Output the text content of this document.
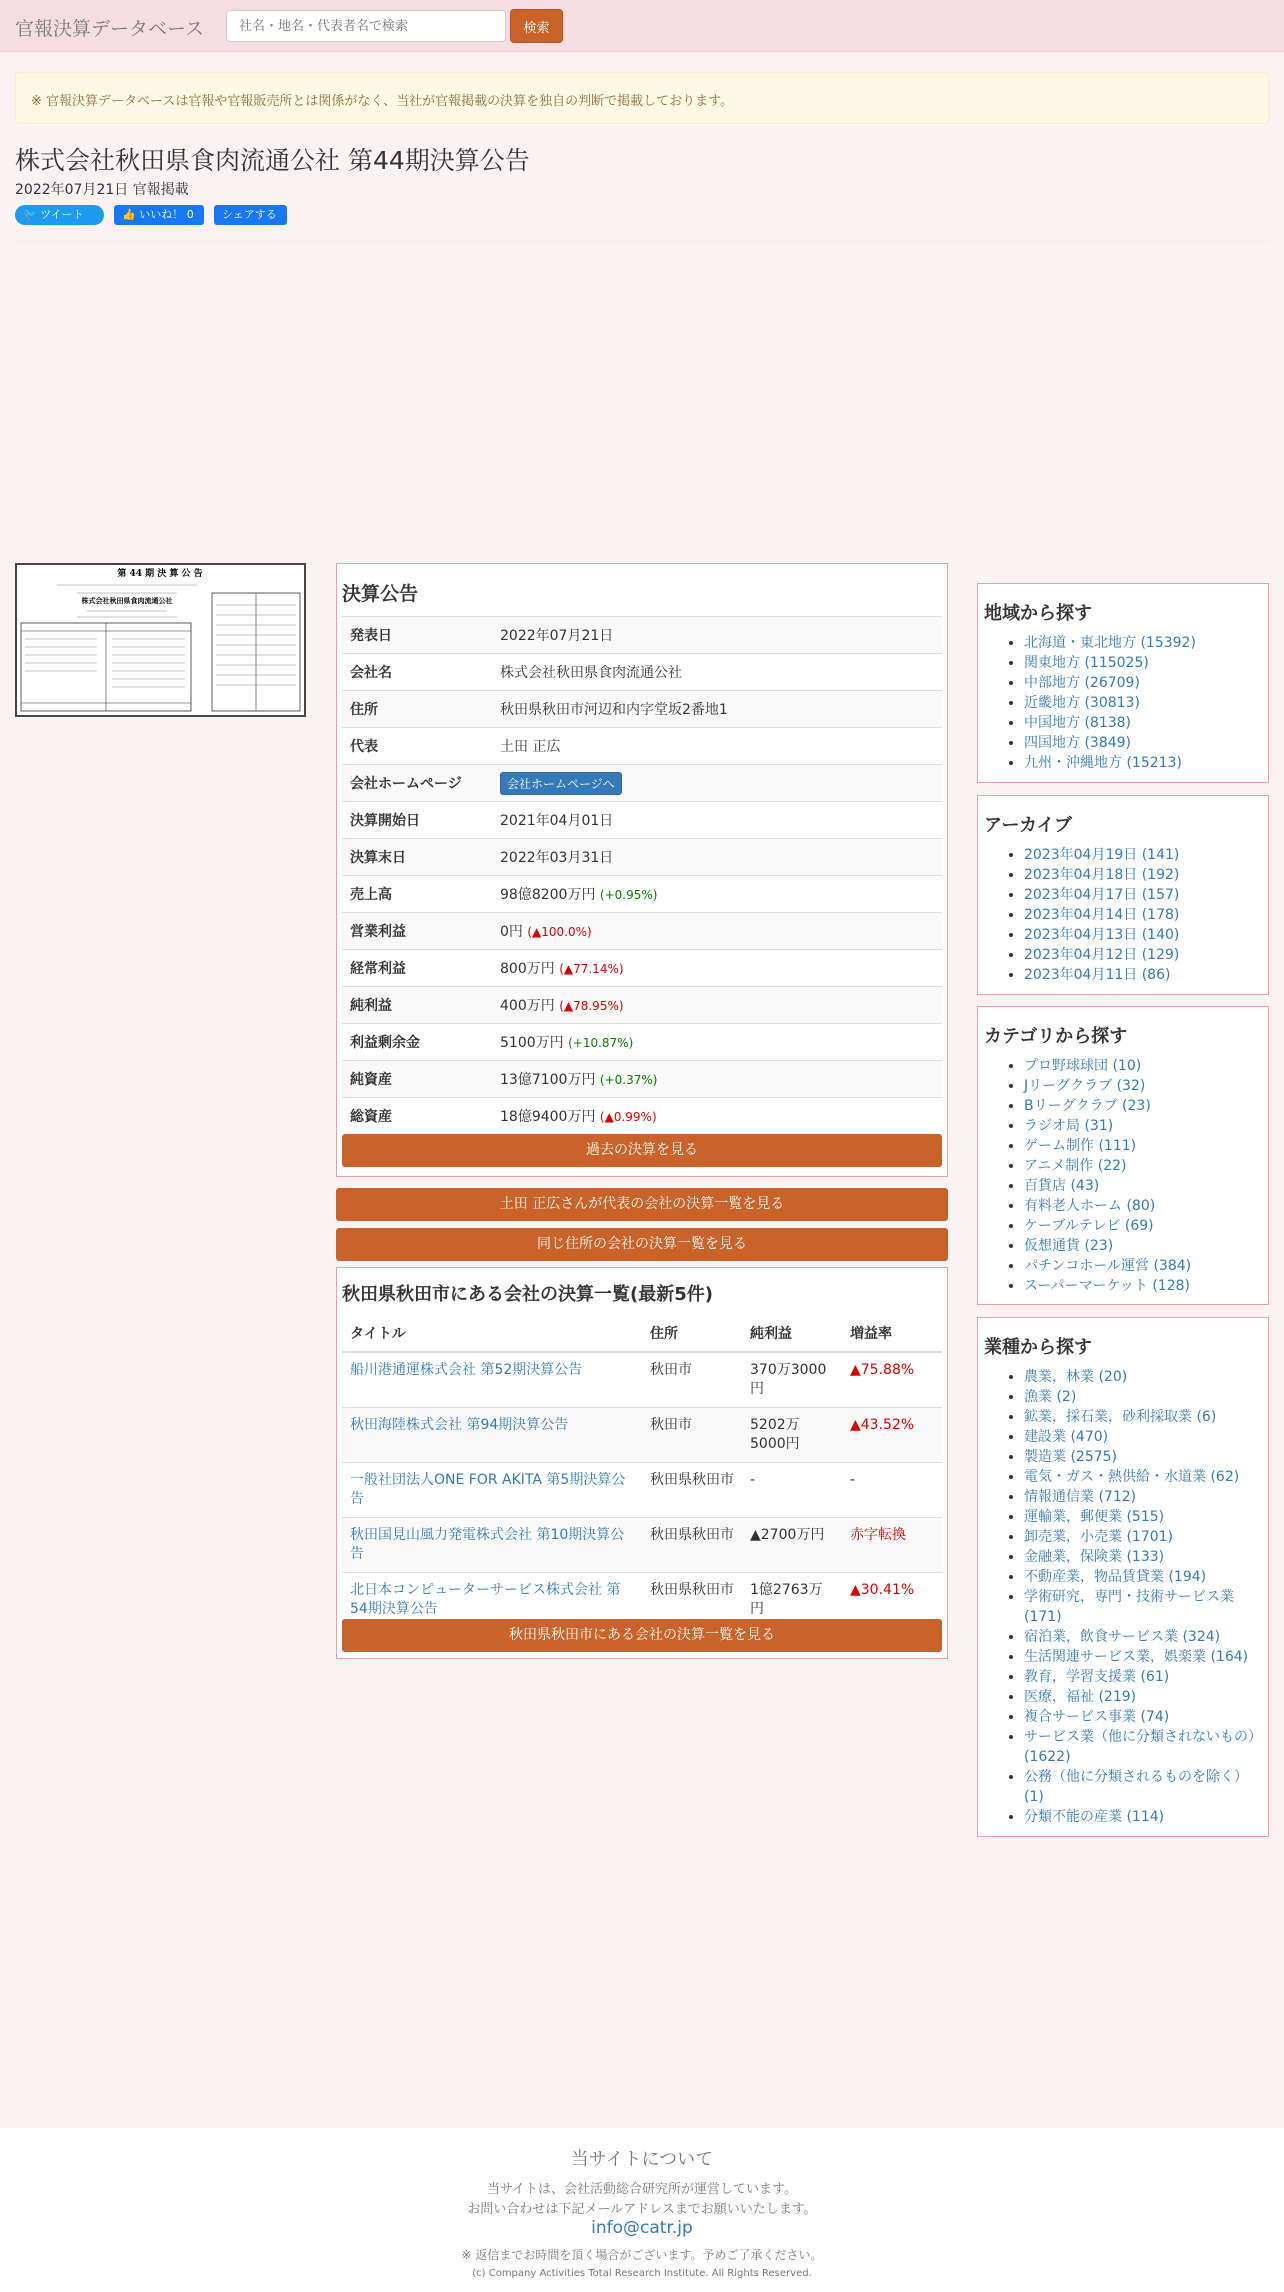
官報決算データベース
社名・地名・代表者名で検索	検索
※ 官報決算データベースは官報や官報販売所とは関係がなく、当社が官報掲載の決算を独自の判断で掲載しております。
株式会社秋田県食肉流通公社 第44期決算公告
2022年07月21日 官報掲載
🐦 ツイート	👍 いいね！ 0	シェアする
第 44 期 決 算 公 告
株式会社秋田県食肉流通公社	決算公告
発表日	2022年07月21日
会社名	株式会社秋田県食肉流通公社
住所	秋田県秋田市河辺和内字堂坂2番地1
代表	土田 正広
会社ホームページ	会社ホームページへ
決算開始日	2021年04月01日
決算末日	2022年03月31日
売上高	98億8200万円 (+0.95%)
営業利益	0円 (▲100.0%)
経常利益	800万円 (▲77.14%)
純利益	400万円 (▲78.95%)
利益剰余金	5100万円 (+10.87%)
純資産	13億7100万円 (+0.37%)
総資産	18億9400万円 (▲0.99%)
過去の決算を見る
土田 正広さんが代表の会社の決算一覧を見る
同じ住所の会社の決算一覧を見る
秋田県秋田市にある会社の決算一覧(最新5件)
タイトル	住所	純利益	増益率
船川港通運株式会社 第52期決算公告	秋田市	370万3000円	▲75.88%
秋田海陸株式会社 第94期決算公告	秋田市	5202万5000円	▲43.52%
一般社団法人ONE FOR AKITA 第5期決算公告	秋田県秋田市	-	-
秋田国見山風力発電株式会社 第10期決算公告	秋田県秋田市	▲2700万円	赤字転換
北日本コンピューターサービス株式会社 第54期決算公告	秋田県秋田市	1億2763万円	▲30.41%
秋田県秋田市にある会社の決算一覧を見る
地域から探す
• 北海道・東北地方 (15392)
• 関東地方 (115025)
• 中部地方 (26709)
• 近畿地方 (30813)
• 中国地方 (8138)
• 四国地方 (3849)
• 九州・沖縄地方 (15213)
アーカイブ
• 2023年04月19日 (141)
• 2023年04月18日 (192)
• 2023年04月17日 (157)
• 2023年04月14日 (178)
• 2023年04月13日 (140)
• 2023年04月12日 (129)
• 2023年04月11日 (86)
カテゴリから探す
• プロ野球球団 (10)
• Jリーグクラブ (32)
• Bリーグクラブ (23)
• ラジオ局 (31)
• ゲーム制作 (111)
• アニメ制作 (22)
• 百貨店 (43)
• 有料老人ホーム (80)
• ケーブルテレビ (69)
• 仮想通貨 (23)
• パチンコホール運営 (384)
• スーパーマーケット (128)
業種から探す
• 農業，林業 (20)
• 漁業 (2)
• 鉱業，採石業，砂利採取業 (6)
• 建設業 (470)
• 製造業 (2575)
• 電気・ガス・熱供給・水道業 (62)
• 情報通信業 (712)
• 運輸業，郵便業 (515)
• 卸売業，小売業 (1701)
• 金融業，保険業 (133)
• 不動産業，物品賃貸業 (194)
• 学術研究，専門・技術サービス業 (171)
• 宿泊業，飲食サービス業 (324)
• 生活関連サービス業，娯楽業 (164)
• 教育，学習支援業 (61)
• 医療，福祉 (219)
• 複合サービス事業 (74)
• サービス業（他に分類されないもの） (1622)
• 公務（他に分類されるものを除く） (1)
• 分類不能の産業 (114)
当サイトについて
当サイトは、会社活動総合研究所が運営しています。
お問い合わせは下記メールアドレスまでお願いいたします。
info@catr.jp
※ 返信までお時間を頂く場合がございます。予めご了承ください。
(c) Company Activities Total Research Institute. All Rights Reserved.
